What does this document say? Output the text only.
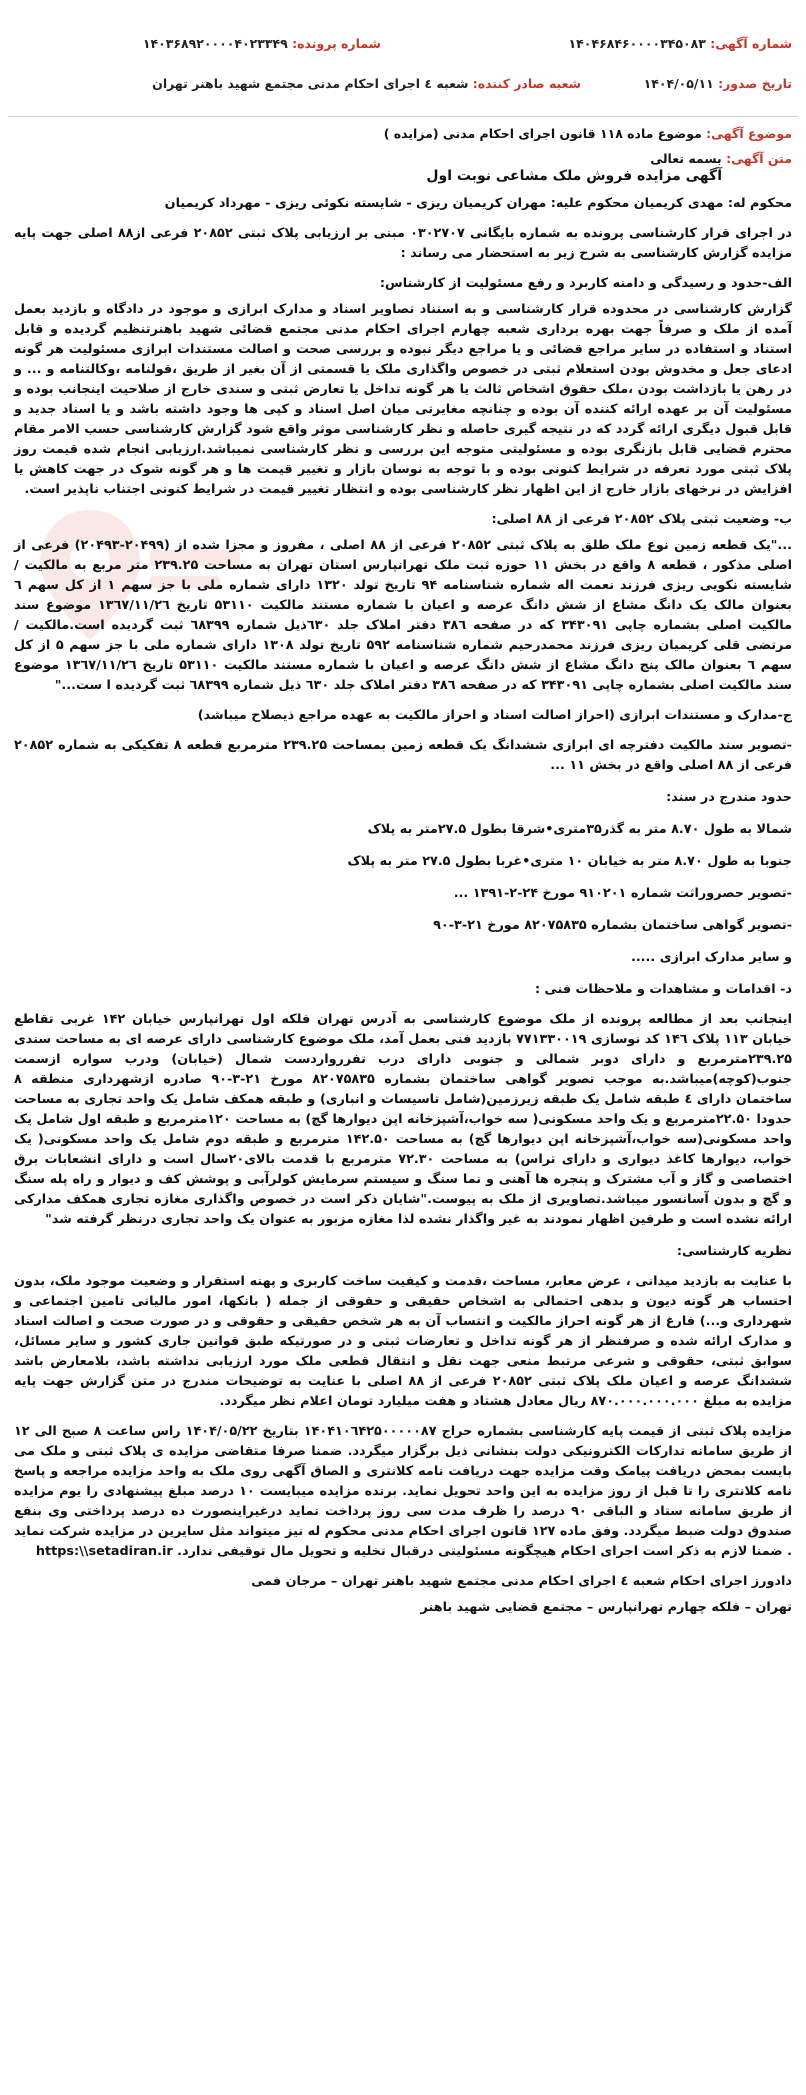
شماره آگهی: ۱۴۰۴۶۸۴۶۰۰۰۰۳۴۵۰۸۳
شماره پرونده: ۱۴۰۳۶۸۹۲۰۰۰۰۴۰۲۳۳۴۹
تاریخ صدور: ۱۴۰۴/۰۵/۱۱
شعبه صادر کننده: شعبه ٤ اجرای احکام مدنی مجتمع شهید باهنر تهران
موضوع آگهی: موضوع ماده ۱۱۸ قانون اجرای احکام مدنی (مزایده )
متن آگهی: بسمه تعالی
آگهی مزایده فروش ملک مشاعی نوبت اول

محکوم له: مهدی کریمیان محکوم علیه: مهران کریمیان ریزی - شایسته نکوئی ریزی - مهرداد کریمیان

در اجرای قرار کارشناسی پرونده به شماره بایگانی ۰۳۰۲۷۰۷ مبنی بر ارزیابی پلاک ثبتی ۲۰۸۵۲ فرعی از۸۸ اصلی جهت پایه مزایده گزارش کارشناسی به شرح زیر به استحضار می رساند :

الف-حدود و رسیدگی و دامنه کاربرد و رفع مسئولیت از کارشناس:

گزارش کارشناسی در محدوده قرار کارشناسی و به استناد تصاویر اسناد و مدارک ابرازی و موجود در دادگاه و بازدید بعمل آمده از ملک و صرفاً جهت بهره برداری شعبه چهارم اجرای احکام مدنی مجتمع قضائی شهید باهنرتنظیم گردیده و قابل استناد و استفاده در سایر مراجع قضائی و یا مراجع دیگر نبوده و بررسی صحت و اصالت مستندات ابرازی مسئولیت هر گونه ادعای جعل و مخدوش بودن استعلام ثبتی در خصوص واگذاری ملک یا قسمتی از آن بغیر از طریق ،قولنامه ،وکالتنامه و ... و در رهن یا بازداشت بودن ،ملک حقوق اشخاص ثالث یا هر گونه تداخل یا تعارض ثبتی و سندی خارج از صلاحیت اینجانب بوده و مسئولیت آن بر عهده ارائه کننده آن بوده و چنانچه مغایرتی میان اصل اسناد و کپی ها وجود داشته باشد و یا اسناد جدید و قابل قبول دیگری ارائه گردد که در نتیجه گیری حاصله و نظر کارشناسی موثر واقع شود گزارش کارشناسی حسب الامر مقام محترم قضایی قابل بازنگری بوده و مسئولیتی متوجه این بررسی و نظر کارشناسی نمیباشد.ارزیابی انجام شده قیمت روز پلاک ثبتی مورد تعرفه در شرایط کنونی بوده و با توجه به نوسان بازار و تغییر قیمت ها و هر گونه شوک در جهت کاهش یا افزایش در نرخهای بازار خارج از این اظهار نظر کارشناسی بوده و انتظار تغییر قیمت در شرایط کنونی اجتناب ناپذیر است.

ب- وضعیت ثبتی پلاک ۲۰۸۵۲ فرعی از ۸۸ اصلی:

..."یک قطعه زمین نوع ملک طلق به پلاک ثبتی ۲۰۸۵۲ فرعی از ۸۸ اصلی ، مفروز و مجزا شده از (۲۰۴۹۹-۲۰۴۹۳) فرعی از اصلی مذکور ، قطعه ۸ واقع در بخش ۱۱ حوزه ثبت ملک تهرانپارس استان تهران به مساحت ۲۳۹.۲۵ متر مربع به مالکیت / شایسته نکویی ریزی فرزند نعمت اله شماره شناسنامه ۹۴ تاریخ تولد ۱۳۲۰ دارای شماره ملی با جز سهم ۱ از کل سهم ٦ بعنوان مالک یک دانگ مشاع از شش دانگ عرصه و اعیان با شماره مستند مالکیت ۵۳۱۱۰ تاریخ ۱۳٦۷/۱۱/۲٦ موضوع سند مالکیت اصلی بشماره چاپی ۳۴۳۰۹۱ که در صفحه ۳۸٦ دفتر املاک جلد ٦۳۰ذیل شماره ٦۸۳۹۹ ثبت گردیده است.مالکیت / مرتضی قلی کریمیان ریزی فرزند محمدرحیم شماره شناسنامه ۵۹۲ تاریخ تولد ۱۳۰۸ دارای شماره ملی با جز سهم ۵ از کل سهم ٦ بعنوان مالک پنج دانگ مشاع از شش دانگ عرصه و اعیان با شماره مستند مالکیت ۵۳۱۱۰ تاریخ ۱۳٦۷/۱۱/۲٦ موضوع سند مالکیت اصلی بشماره چاپی ۳۴۳۰۹۱ که در صفحه ۳۸٦ دفتر املاک جلد ٦۳۰ ذیل شماره ٦۸۳۹۹ ثبت گردیده ا ست..."

ج-مدارک و مستندات ابرازی (احراز اصالت اسناد و احراز مالکیت به عهده مراجع ذیصلاح میباشد)

-تصویر سند مالکیت دفترچه ای ابرازی ششدانگ یک قطعه زمین بمساحت ۲۳۹.۲۵ مترمربع قطعه ۸ تفکیکی به شماره ۲۰۸۵۲ فرعی از ۸۸ اصلی واقع در بخش ۱۱ ...

حدود مندرج در سند:

شمالا به طول ۸.۷۰ متر به گذر۳۵متری•شرقا بطول ۲۷.۵متر به پلاک

جنوبا به طول ۸.۷۰ متر به خیابان ۱۰ متری•غربا بطول ۲۷.۵ متر به پلاک

-تصویر حصروراثت شماره ۹۱۰۲۰۱ مورخ ۲۴-۲-۱۳۹۱ ...

-تصویر گواهی ساختمان بشماره ۸۲۰۷۵۸۳۵ مورخ ۲۱-۳-۹۰

و سایر مدارک ابرازی .....

د- اقدامات و مشاهدات و ملاحظات فنی :

اینجانب بعد از مطالعه پرونده از ملک موضوع کارشناسی به آدرس تهران فلکه اول تهرانپارس خیابان ۱۴۲ غربی تقاطع خیابان ۱۱۳ پلاک ۱۴٦ کد نوسازی ۷۷۱۳۳۰۰۱۹ بازدید فنی بعمل آمد، ملک موضوع کارشناسی دارای عرصه ای به مساحت سندی ۲۳۹.۲۵مترمربع و دارای دوبر شمالی و جنوبی دارای درب تفررواردست شمال (خیابان) ودرب سواره ازسمت جنوب(کوچه)میباشد.به موجب تصویر گواهی ساختمان بشماره ۸۲۰۷۵۸۳۵ مورخ ۲۱-۳-۹۰ صادره ازشهرداری منطقه ۸ ساختمان دارای ٤ طبقه شامل یک طبقه زیرزمین(شامل تاسیسات و انباری) و طبقه همکف شامل یک واحد تجاری به مساحت حدودا ۲۲.۵۰مترمربع و یک واحد مسکونی( سه خواب،آشپزخانه اپن دیوارها گچ) به مساحت ۱۲۰مترمربع و طبقه اول شامل یک واحد مسکونی(سه خواب،آشپزخانه اپن دیوارها گچ) به مساحت ۱۴۲.۵۰ مترمربع و طبقه دوم شامل یک واحد مسکونی( یک خواب، دیوارها کاغذ دیواری و دارای تراس) به مساحت ۷۲.۳۰ مترمربع با قدمت بالای۲۰سال است و دارای انشعابات برق اختصاصی و گاز و آب مشترک و پنجره ها آهنی و نما سنگ و سیستم سرمایش کولرآبی و پوشش کف و دیوار و راه پله سنگ و گچ و بدون آسانسور میباشد.تصاویری از ملک به پیوست."شایان ذکر است در خصوص واگذاری مغازه تجاری همکف مدارکی ارائه نشده است و طرفین اظهار نمودند به غیر واگذار نشده لذا مغازه مزبور به عنوان یک واحد تجاری درنظر گرفته شد"

نظریه کارشناسی:

با عنایت به بازدید میدانی ، عرض معابر، مساحت ،قدمت و کیفیت ساخت کاربری و پهنه استقرار و وضعیت موجود ملک، بدون احتساب هر گونه دیون و بدهی احتمالی به اشخاص حقیقی و حقوقی از جمله ( بانکها، امور مالیاتی تامین اجتماعی و شهرداری و...) فارغ از هر گونه احراز مالکیت و انتساب آن به هر شخص حقیقی و حقوقی و در صورت صحت و اصالت اسناد و مدارک ارائه شده و صرفنظر از هر گونه تداخل و تعارضات ثبتی و در صورتیکه طبق قوانین جاری کشور و سایر مسائل، سوابق ثبتی، حقوقی و شرعی مرتبط منعی جهت نقل و انتقال قطعی ملک مورد ارزیابی نداشته باشد، بلامعارض باشد ششدانگ عرصه و اعیان ملک پلاک ثبتی ۲۰۸۵۲ فرعی از ۸۸ اصلی با عنایت به توضیحات مندرج در متن گزارش جهت پایه مزایده به مبلغ ۸۷۰.۰۰۰.۰۰۰.۰۰۰ ریال معادل هشتاد و هفت میلیارد تومان اعلام نظر میگردد.

مزایده پلاک ثبتی از قیمت پایه کارشناسی بشماره حراج ۱۴۰۴۱۰٦۴۲۵۰۰۰۰۰۸۷ بتاریخ ۱۴۰۴/۰۵/۲۲ راس ساعت ۸ صبح الی ۱۲ از طریق سامانه تدارکات الکترونیکی دولت بنشانی ذیل برگزار میگردد. ضمنا صرفا متقاضی مزایده ی پلاک ثبتی و ملک می بایست بمحض دریافت پیامک وقت مزایده جهت دریافت نامه کلانتری و الصاق آگهی روی ملک به واحد مزایده مراجعه و پاسخ نامه کلانتری را تا قبل از روز مزایده به این واحد تحویل نماید. برنده مزایده میبایست ۱۰ درصد مبلغ پیشنهادی را یوم مزایده از طریق سامانه ستاد و الباقی ۹۰ درصد را ظرف مدت سی روز پرداخت نماید درغیراینصورت ده درصد پرداختی وی بنفع صندوق دولت ضبط میگردد. وفق ماده ۱۲۷ قانون اجرای احکام مدنی محکوم له نیز میتواند مثل سایرین در مزایده شرکت نماید . ضمنا لازم به ذکر است اجرای احکام هیچگونه مسئولیتی درقبال تخلیه و تحویل مال توقیفی ندارد. https:\\setadiran.ir

دادورز اجرای احکام شعبه ٤ اجرای احکام مدنی مجتمع شهید باهنر تهران – مرجان فمی

تهران – فلکه چهارم تهرانپارس – مجتمع قضایی شهید باهنر
